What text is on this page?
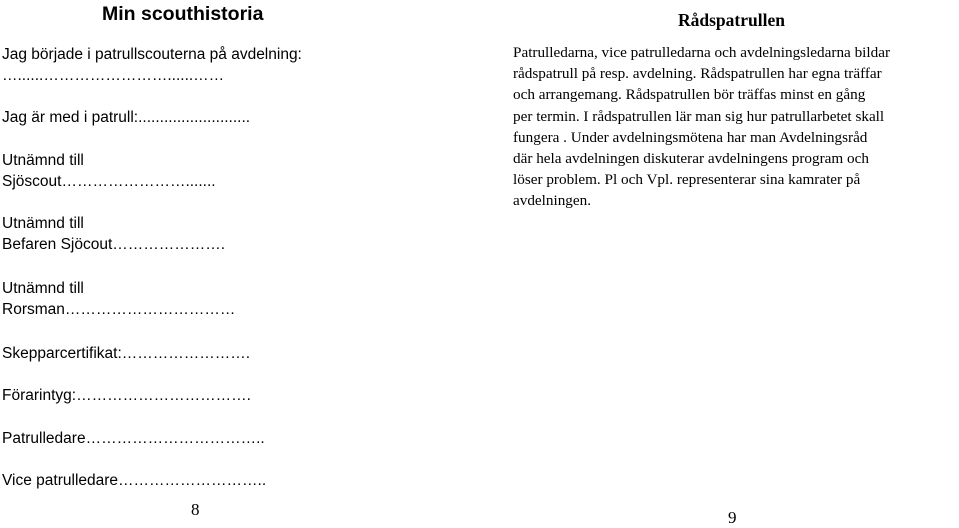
Min scouthistoria
Jag började i patrullscouterna på avdelning:
…......……………………......……
Jag är med i patrull:..........................
Utnämnd till
Sjöscout…………………….......
Utnämnd till
Befaren Sjöcout………………….
Utnämnd till
Rorsman……………………………
Skepparcertifikat:…………………….
Förarintyg:…………………………….
Patrulledare……………………………..
Vice patrulledare………………………..
8
Rådspatrullen
Patrulledarna, vice patrulledarna och avdelningsledarna bildar
rådspatrull på resp. avdelning. Rådspatrullen har egna träffar
och arrangemang. Rådspatrullen bör träffas minst en gång
per termin. I rådspatrullen lär man sig hur patrullarbetet skall
fungera . Under avdelningsmötena har man Avdelningsråd
där hela avdelningen diskuterar avdelningens program och
löser problem. Pl och Vpl. representerar sina kamrater på
avdelningen.
9
